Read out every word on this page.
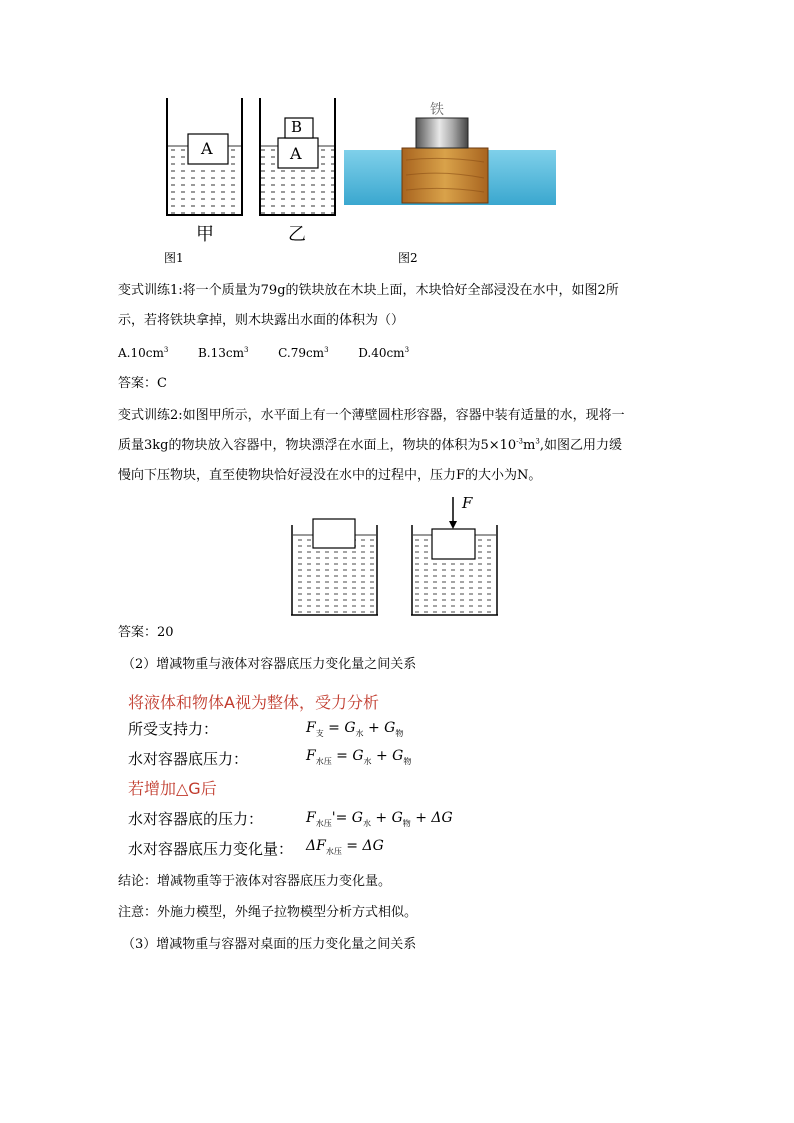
A	A
B
甲	乙
图1
铁
图2
变式训练1:将一个质量为79g的铁块放在木块上面，木块恰好全部浸没在水中，如图2所
示，若将铁块拿掉，则木块露出水面的体积为（）
$A.10cm^3$ $B.13cm^3$ $C.79cm^3$ $D.40cm^3$
答案：C
变式训练2:如图甲所示，水平面上有一个薄壁圆柱形容器，容器中装有适量的水，现将一
质量3kg的物块放入容器中，物块漂浮在水面上，物块的体积为$5\times 10^{-3}m^3$,如图乙用力缓
慢向下压物块，直至使物块恰好浸没在水中的过程中，压力F的大小为N。
F
答案：20
（2）增减物重与液体对容器底压力变化量之间关系
将液体和物体A视为整体，受力分析
所受支持力：	$F_支 = G_水 + G_物$
水对容器底压力：	$F_{水压} = G_水 + G_物$
若增加△G后
水对容器底的压力：	$F_{水压}'= G_水 + G_物 + \Delta G$
水对容器底压力变化量： $\Delta F_{水压} = \Delta G$
结论：增减物重等于液体对容器底压力变化量。
注意：外施力模型，外绳子拉物模型分析方式相似。
（3）增减物重与容器对桌面的压力变化量之间关系
